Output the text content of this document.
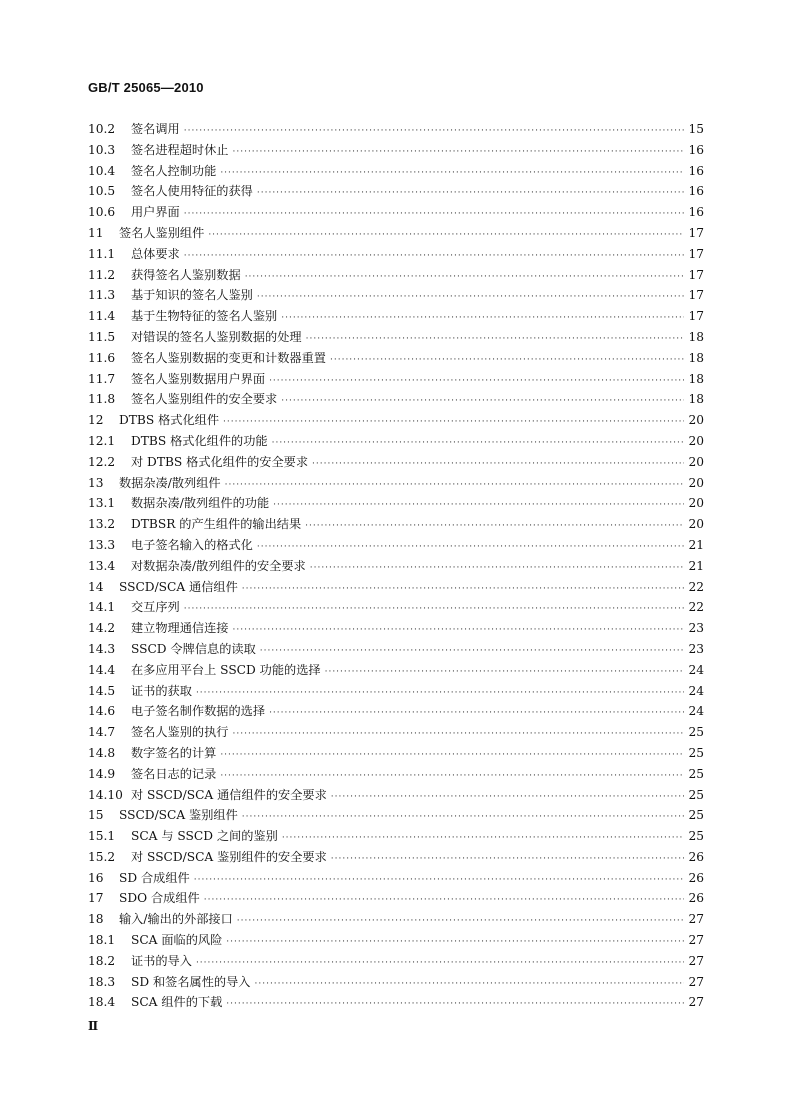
GB/T 25065—2010
10.2	签名调用 ·····	15
10.3	签名进程超时休止 ·····	16
10.4	签名人控制功能 ·····	16
10.5	签名人使用特征的获得 ·····	16
10.6	用户界面 ·····	16
11	签名人鉴别组件 ·····	17
11.1	总体要求 ·····	17
11.2	获得签名人鉴别数据 ·····	17
11.3	基于知识的签名人鉴别 ·····	17
11.4	基于生物特征的签名人鉴别 ·····	17
11.5	对错误的签名人鉴别数据的处理 ·····	18
11.6	签名人鉴别数据的变更和计数器重置 ·····	18
11.7	签名人鉴别数据用户界面 ·····	18
11.8	签名人鉴别组件的安全要求 ·····	18
12	DTBS 格式化组件 ·····	20
12.1	DTBS 格式化组件的功能 ·····	20
12.2	对 DTBS 格式化组件的安全要求 ·····	20
13	数据杂凑/散列组件 ·····	20
13.1	数据杂凑/散列组件的功能 ·····	20
13.2	DTBSR 的产生组件的输出结果 ·····	20
13.3	电子签名输入的格式化 ·····	21
13.4	对数据杂凑/散列组件的安全要求 ·····	21
14	SSCD/SCA 通信组件 ·····	22
14.1	交互序列 ·····	22
14.2	建立物理通信连接 ·····	23
14.3	SSCD 令牌信息的读取 ·····	23
14.4	在多应用平台上 SSCD 功能的选择 ·····	24
14.5	证书的获取 ·····	24
14.6	电子签名制作数据的选择 ·····	24
14.7	签名人鉴别的执行 ·····	25
14.8	数字签名的计算 ·····	25
14.9	签名日志的记录 ·····	25
14.10 对 SSCD/SCA 通信组件的安全要求 ·····	25
15	SSCD/SCA 鉴别组件 ·····	25
15.1	SCA 与 SSCD 之间的鉴别 ·····	25
15.2	对 SSCD/SCA 鉴别组件的安全要求 ·····	26
16	SD 合成组件 ·····	26
17	SDO 合成组件 ·····	26
18	输入/输出的外部接口 ·····	27
18.1	SCA 面临的风险 ·····	27
18.2	证书的导入 ·····	27
18.3	SD 和签名属性的导入 ·····	27
18.4	SCA 组件的下载 ·····	27
Ⅱ
